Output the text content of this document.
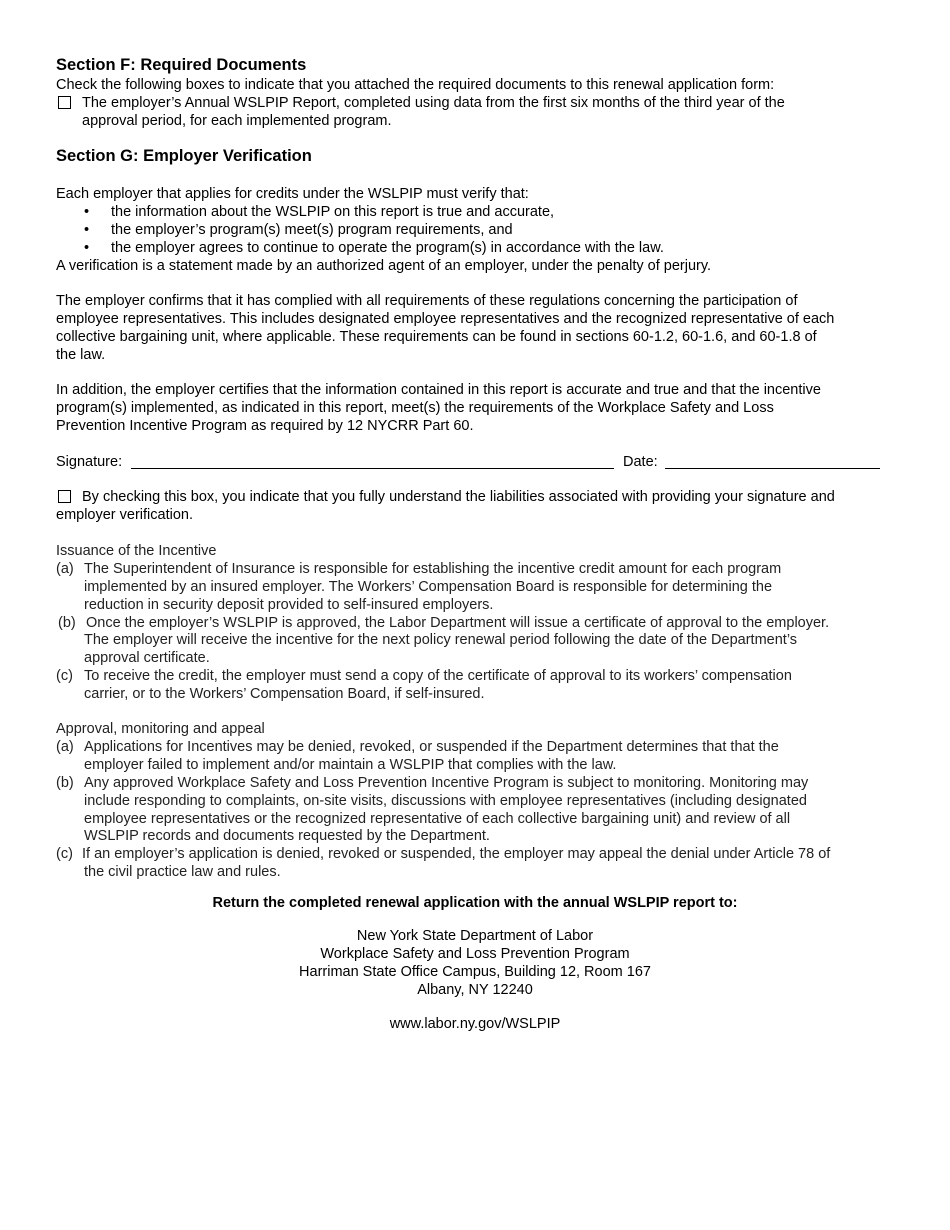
Section F: Required Documents
Check the following boxes to indicate that you attached the required documents to this renewal application form:
The employer’s Annual WSLPIP Report, completed using data from the first six months of the third year of the
approval period, for each implemented program.
Section G: Employer Verification
Each employer that applies for credits under the WSLPIP must verify that:
• the information about the WSLPIP on this report is true and accurate,
• the employer’s program(s) meet(s) program requirements, and
• the employer agrees to continue to operate the program(s) in accordance with the law.
A verification is a statement made by an authorized agent of an employer, under the penalty of perjury.
The employer confirms that it has complied with all requirements of these regulations concerning the participation of
employee representatives. This includes designated employee representatives and the recognized representative of each
collective bargaining unit, where applicable. These requirements can be found in sections 60-1.2, 60-1.6, and 60-1.8 of
the law.
In addition, the employer certifies that the information contained in this report is accurate and true and that the incentive
program(s) implemented, as indicated in this report, meet(s) the requirements of the Workplace Safety and Loss
Prevention Incentive Program as required by 12 NYCRR Part 60.
Signature:	Date:
By checking this box, you indicate that you fully understand the liabilities associated with providing your signature and
employer verification.
Issuance of the Incentive
(a) The Superintendent of Insurance is responsible for establishing the incentive credit amount for each program
implemented by an insured employer. The Workers’ Compensation Board is responsible for determining the
reduction in security deposit provided to self-insured employers.
(b) Once the employer’s WSLPIP is approved, the Labor Department will issue a certificate of approval to the employer.
The employer will receive the incentive for the next policy renewal period following the date of the Department’s
approval certificate.
(c) To receive the credit, the employer must send a copy of the certificate of approval to its workers’ compensation
carrier, or to the Workers’ Compensation Board, if self-insured.
Approval, monitoring and appeal
(a) Applications for Incentives may be denied, revoked, or suspended if the Department determines that that the
employer failed to implement and/or maintain a WSLPIP that complies with the law.
(b) Any approved Workplace Safety and Loss Prevention Incentive Program is subject to monitoring. Monitoring may
include responding to complaints, on-site visits, discussions with employee representatives (including designated
employee representatives or the recognized representative of each collective bargaining unit) and review of all
WSLPIP records and documents requested by the Department.
(c) If an employer’s application is denied, revoked or suspended, the employer may appeal the denial under Article 78 of
the civil practice law and rules.
Return the completed renewal application with the annual WSLPIP report to:
New York State Department of Labor
Workplace Safety and Loss Prevention Program
Harriman State Office Campus, Building 12, Room 167
Albany, NY 12240
www.labor.ny.gov/WSLPIP
